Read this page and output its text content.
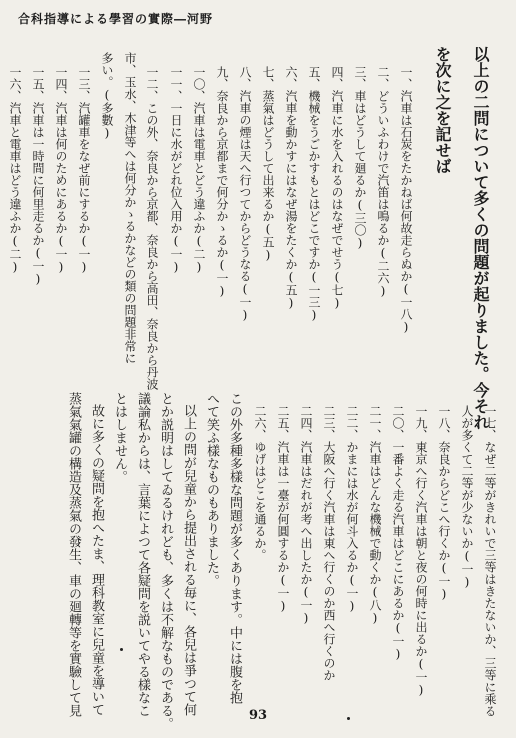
合科指導による學習の實際―河野
以上の二問について多くの問題が起りました。今それ
を次に之を記せば
一、汽車は石炭をたかねば何故走らぬか(一八)
二、どういふわけで汽笛は鳴るか(二六)
三、車はどうして廻るか(三〇)
四、汽車に水を入れるのはなぜでせう(七)
五、機械をうごかすもとはどこですか(一三)
六、汽車を動かすにはなぜ湯をたくか(五)
七、蒸氣はどうして出来るか(五)
八、汽車の煙は天へ行つてからどうなる(一)
九、奈良から京都まで何分かゝるか(一)
一〇、汽車は電車とどう違ふか(二)
一一、一日に水がどれ位入用か(一)
一二、この外、奈良から京都、奈良から高田、奈良から丹波
市、玉水、木津等へは何分かゝるかなどの類の問題非常に
多い。(多數)
一三、汽罐車をなぜ前にするか(一)
一四、汽車は何のためにあるか(一)
一五、汽車は一時間に何里走るか(一)
一六、汽車と電車はどう違ふか(二)
一七、なぜ二等がきれいで三等はきたないか、三等に乘る
人が多くて二等が少ないか(一)
一八、奈良からどこへ行くか(一)
一九、東京へ行く汽車は朝と夜の何時に出るか(一)
二〇、一番よく走る汽車はどこにあるか(一)
二一、汽車はどんな機械で動くか(八)
二二、かまには水が何斗入るか(一)
二三、大阪へ行く汽車は東へ行くのか西へ行くのか
二四、汽車はだれが考へ出したか(一)
二五、汽車は一臺が何圓するか(一)
二六、ゆげはどこを通るか。
この外多種多樣な問題が多くあります。中には腹を抱
へて笑ふ樣なものもありました。
以上の問が兒童から提出される毎に、各兒は爭つて何
とか説明はしてゐるけれども、多くは不解なものである。
議論私からは、言葉によつて各疑問を説いてやる樣なこ
とはしません。
故に多くの疑問を抱へたま、理科教室に兒童を導いて
蒸氣氣罐の構造及蒸氣の發生、車の廻轉等を實驗して見	93
